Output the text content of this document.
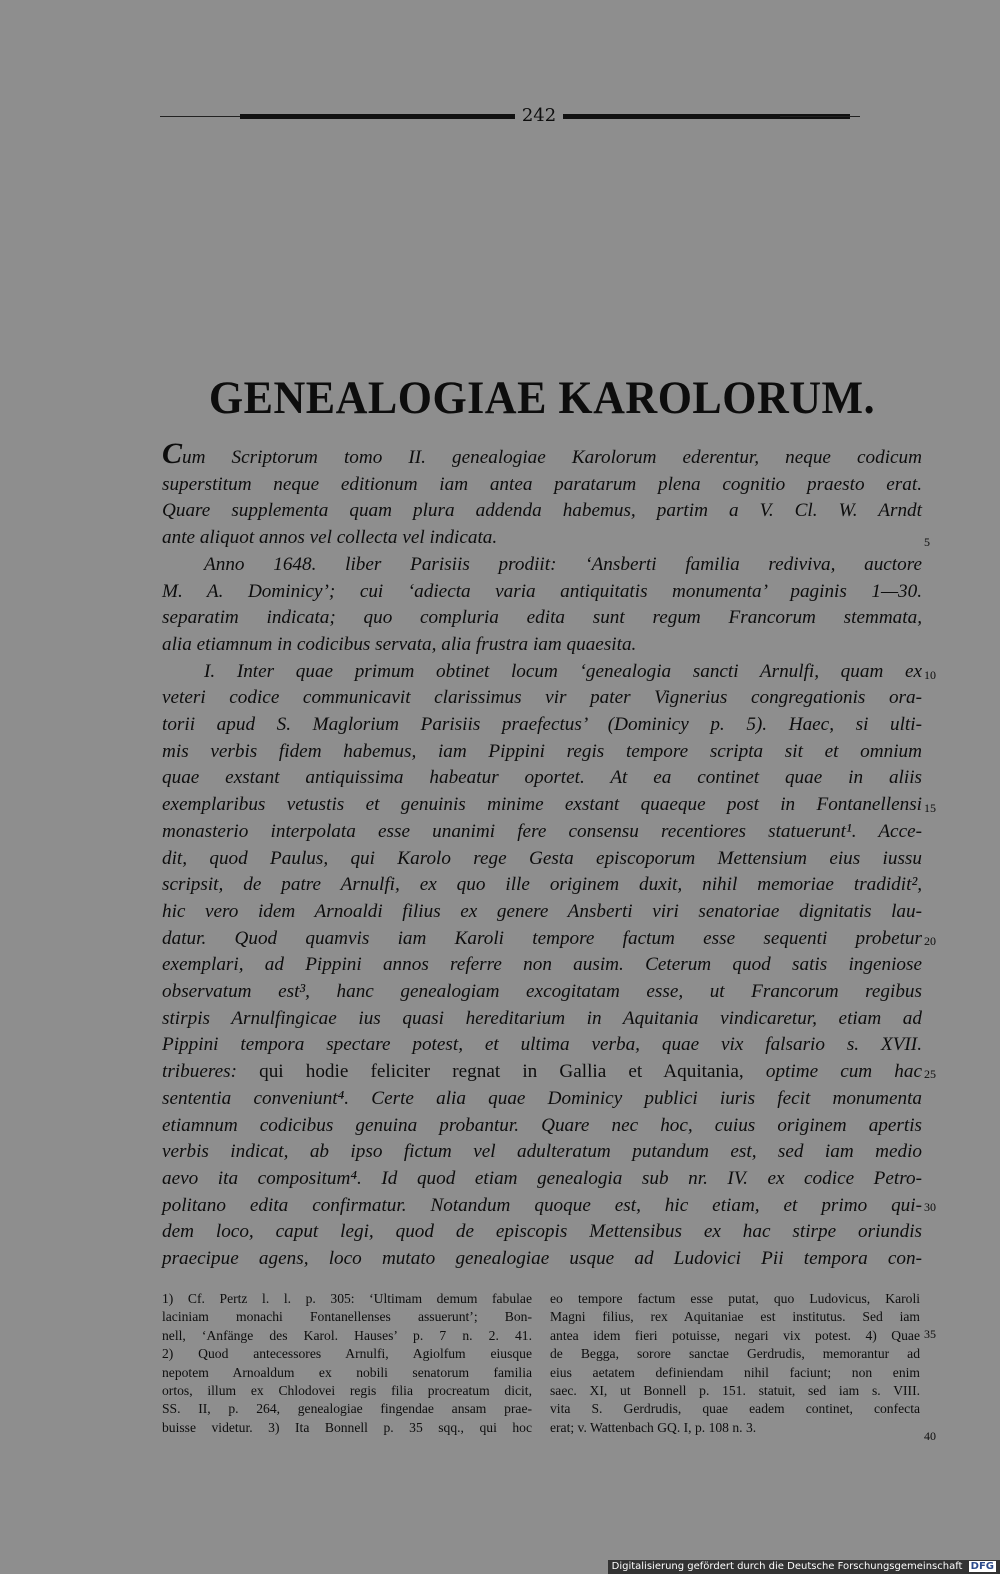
242
GENEALOGIAE KAROLORUM.
Cum Scriptorum tomo II. genealogiae Karolorum ederentur, neque codicum
superstitum neque editionum iam antea paratarum plena cognitio praesto erat.
Quare supplementa quam plura addenda habemus, partim a V. Cl. W. Arndt
ante aliquot annos vel collecta vel indicata.
Anno 1648. liber Parisiis prodiit: ‘Ansberti familia rediviva, auctore
M. A. Dominicy’; cui ‘adiecta varia antiquitatis monumenta’ paginis 1—30.
separatim indicata; quo compluria edita sunt regum Francorum stemmata,
alia etiamnum in codicibus servata, alia frustra iam quaesita.
I. Inter quae primum obtinet locum ‘genealogia sancti Arnulfi, quam ex
veteri codice communicavit clarissimus vir pater Vignerius congregationis ora-
torii apud S. Maglorium Parisiis praefectus’ (Dominicy p. 5). Haec, si ulti-
mis verbis fidem habemus, iam Pippini regis tempore scripta sit et omnium
quae exstant antiquissima habeatur oportet. At ea continet quae in aliis
exemplaribus vetustis et genuinis minime exstant quaeque post in Fontanellensi
monasterio interpolata esse unanimi fere consensu recentiores statuerunt¹. Acce-
dit, quod Paulus, qui Karolo rege Gesta episcoporum Mettensium eius iussu
scripsit, de patre Arnulfi, ex quo ille originem duxit, nihil memoriae tradidit²,
hic vero idem Arnoaldi filius ex genere Ansberti viri senatoriae dignitatis lau-
datur. Quod quamvis iam Karoli tempore factum esse sequenti probetur
exemplari, ad Pippini annos referre non ausim. Ceterum quod satis ingeniose
observatum est³, hanc genealogiam excogitatam esse, ut Francorum regibus
stirpis Arnulfingicae ius quasi hereditarium in Aquitania vindicaretur, etiam ad
Pippini tempora spectare potest, et ultima verba, quae vix falsario s. XVII.
tribueres: qui hodie feliciter regnat in Gallia et Aquitania, optime cum hac
sententia conveniunt⁴. Certe alia quae Dominicy publici iuris fecit monumenta
etiamnum codicibus genuina probantur. Quare nec hoc, cuius originem apertis
verbis indicat, ab ipso fictum vel adulteratum putandum est, sed iam medio
aevo ita compositum⁴. Id quod etiam genealogia sub nr. IV. ex codice Petro-
politano edita confirmatur. Notandum quoque est, hic etiam, et primo qui-
dem loco, caput legi, quod de episcopis Mettensibus ex hac stirpe oriundis
praecipue agens, loco mutato genealogiae usque ad Ludovici Pii tempora con-
5
10
15
20
25
30
1) Cf. Pertz l. l. p. 305: ‘Ultimam demum fabulae
laciniam monachi Fontanellenses assuerunt’; Bon-
nell, ‘Anfänge des Karol. Hauses’ p. 7 n. 2. 41.
2) Quod antecessores Arnulfi, Agiolfum eiusque
nepotem Arnoaldum ex nobili senatorum familia
ortos, illum ex Chlodovei regis filia procreatum dicit,
SS. II, p. 264, genealogiae fingendae ansam prae-
buisse videtur. 3) Ita Bonnell p. 35 sqq., qui hoc
eo tempore factum esse putat, quo Ludovicus, Karoli
Magni filius, rex Aquitaniae est institutus. Sed iam
antea idem fieri potuisse, negari vix potest. 4) Quae
de Begga, sorore sanctae Gerdrudis, memorantur ad
eius aetatem definiendam nihil faciunt; non enim
saec. XI, ut Bonnell p. 151. statuit, sed iam s. VIII.
vita S. Gerdrudis, quae eadem continet, confecta
erat; v. Wattenbach GQ. I, p. 108 n. 3.
35
40
Digitalisierung gefördert durch die Deutsche Forschungsgemeinschaft DFG
